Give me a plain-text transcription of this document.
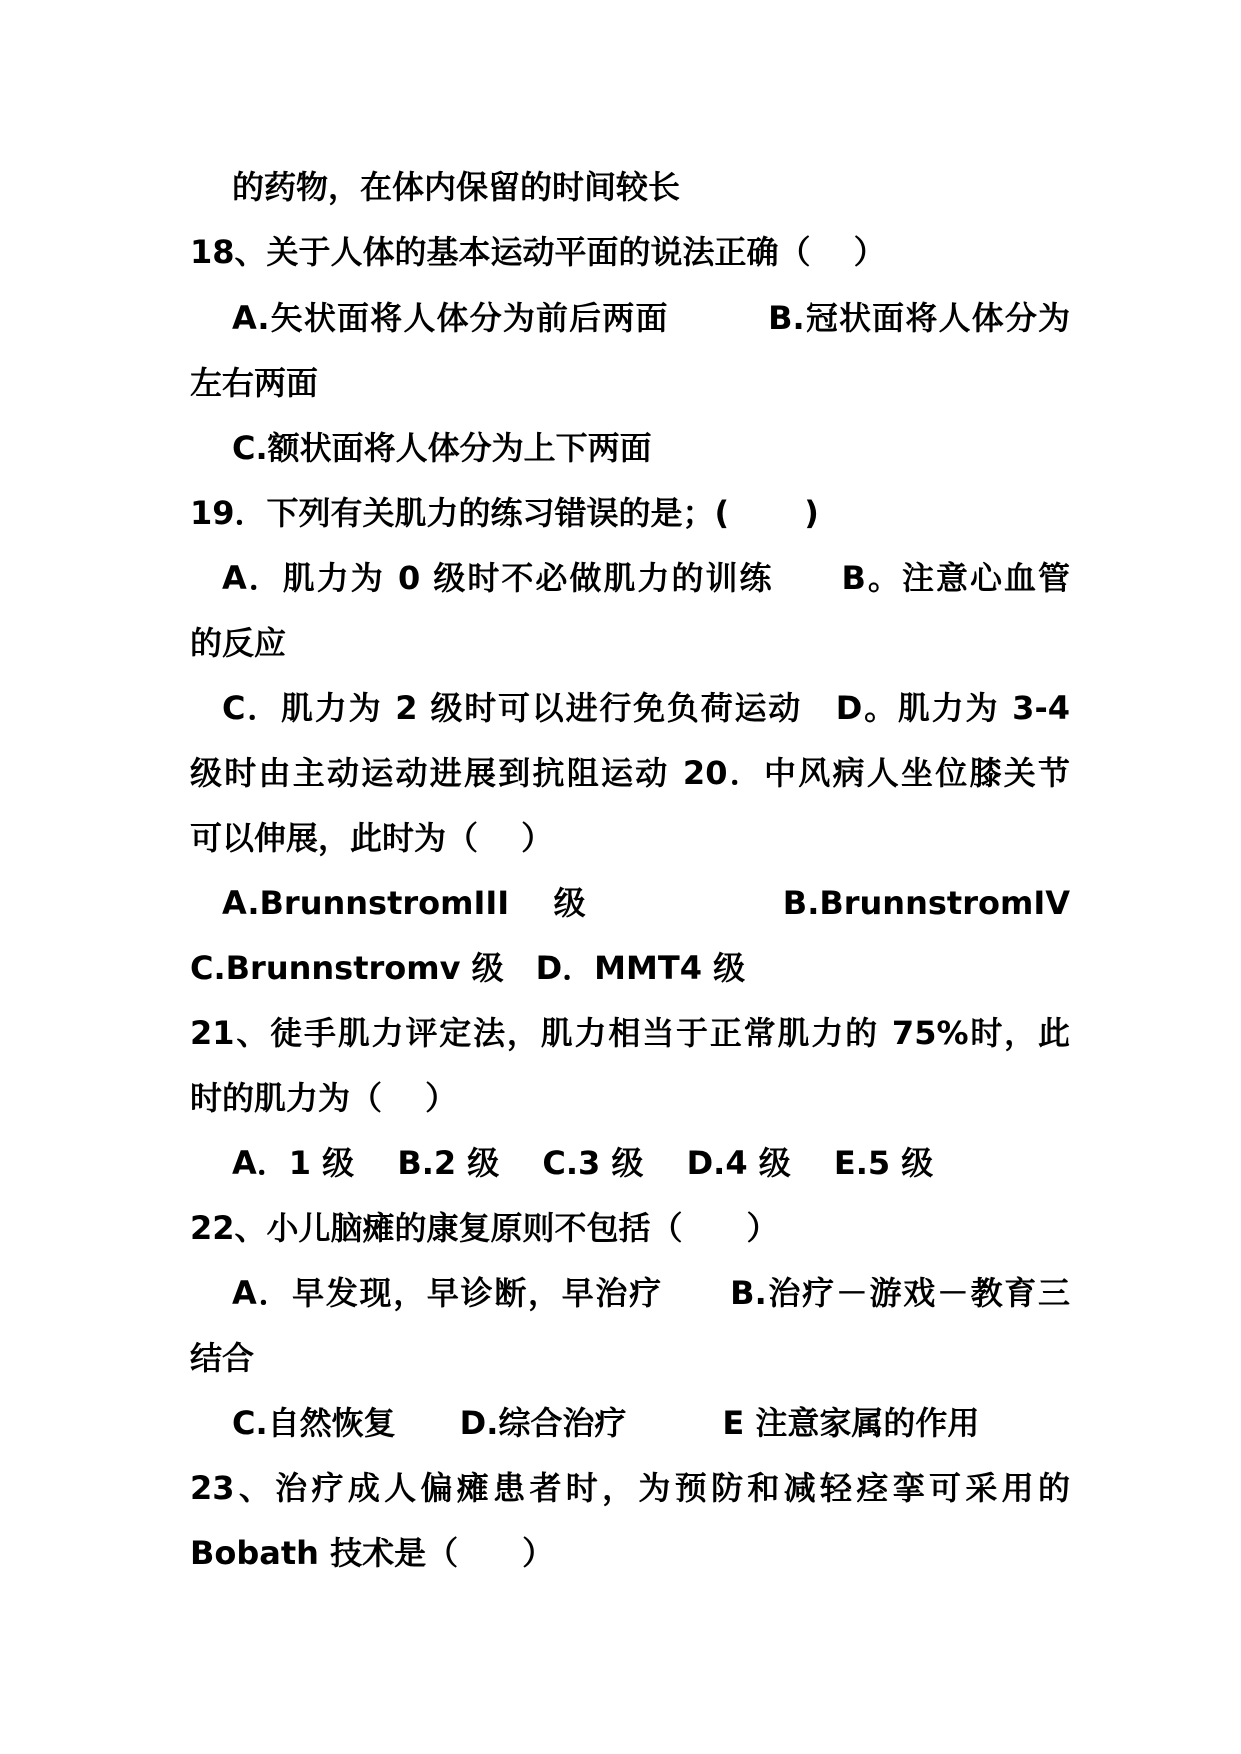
的药物，在体内保留的时间较长
18、关于人体的基本运动平面的说法正确（　 ）
A.矢状面将人体分为前后两面　　　B.冠状面将人体分为
左右两面
C.额状面将人体分为上下两面
19．下列有关肌力的练习错误的是；(　　 )
A．肌力为 0 级时不必做肌力的训练　　B。注意心血管
的反应
C．肌力为 2 级时可以进行免负荷运动　D。肌力为 3-4
级时由主动运动进展到抗阻运动 20．中风病人坐位膝关节
可以伸展，此时为（　 ）
A.BrunnstromIII　级　　　　　B.BrunnstromIV　
C.Brunnstromv 级　D．MMT4 级
21、徒手肌力评定法，肌力相当于正常肌力的 75%时，此
时的肌力为（　 ）
A．1 级　 B.2 级　 C.3 级　 D.4 级　 E.5 级
22、小儿脑瘫的康复原则不包括（　　）
A．早发现，早诊断，早治疗　　B.治疗－游戏－教育三
结合
C.自然恢复　　D.综合治疗　　　E 注意家属的作用
23、治疗成人偏瘫患者时，为预防和减轻痉挛可采用的
Bobath 技术是（　　）
